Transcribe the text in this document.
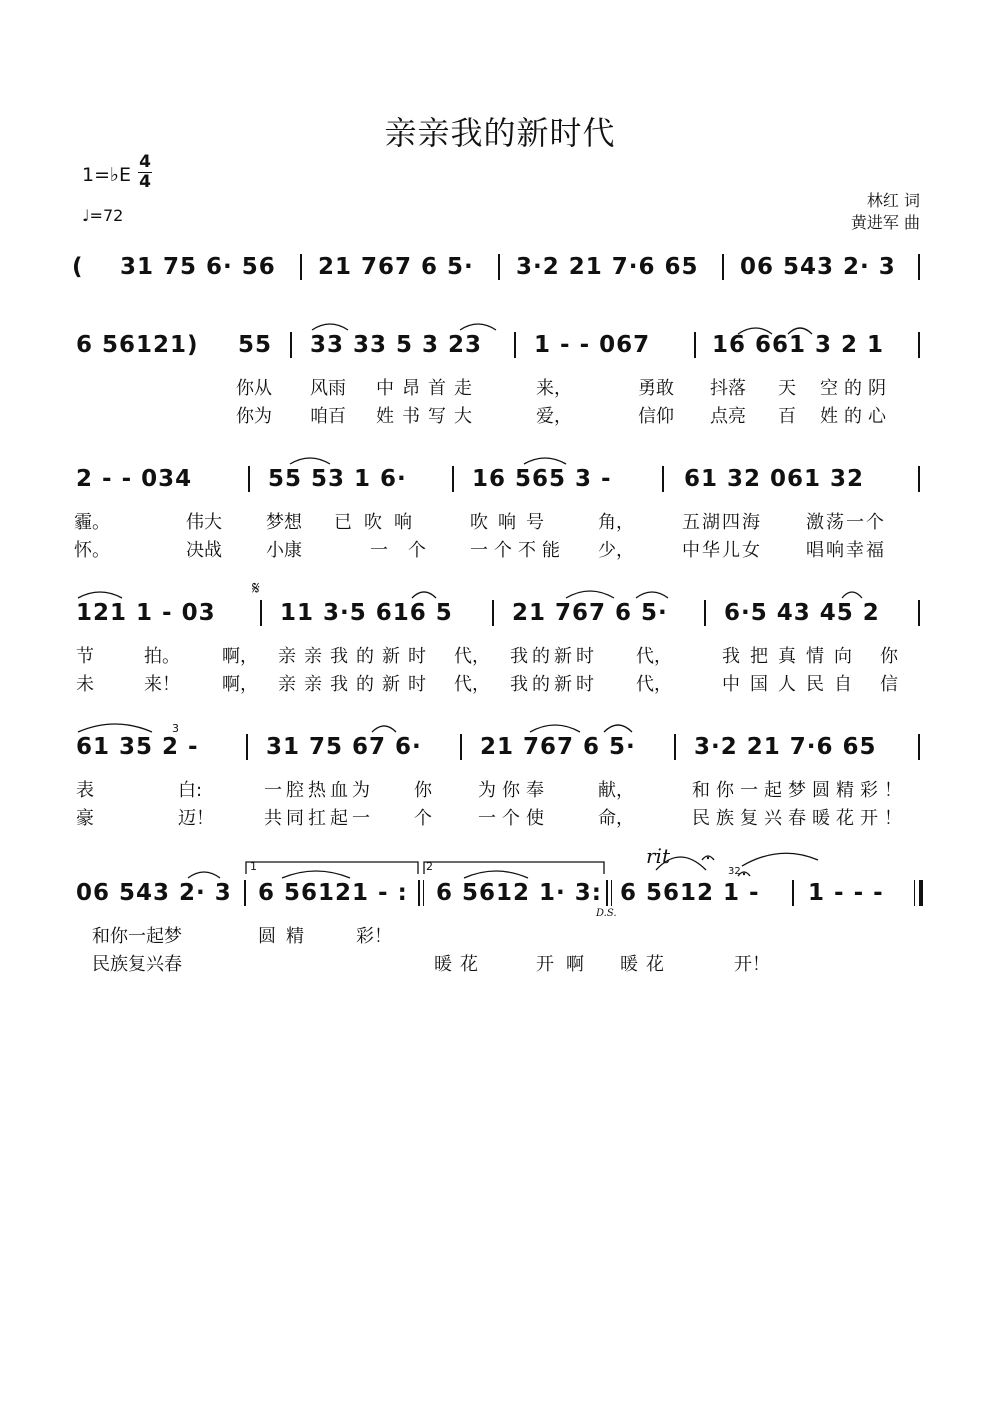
亲亲我的新时代
1=♭E
4
4
♩=72
林红 词
黄进军 曲
( 31 75 6· 56 21 767 6 5· 3·2 21 7·6 65 06 543 2· 3
6 56121) 55 33 33 5 3 23 1 - - 067	16 661 3 2 1
你从 风雨 中昂首走	来，	勇敢 抖落 天 空的阴
你为 咱百 姓书写大	爱，	信仰 点亮 百 姓的心
2 - - 034	55 53 1 6·	16 565 3 -	61 32 061 32
霾。	伟大 梦想 已吹响	吹响号 角，	五湖四海 激荡一个
怀。	决战 小康	一个 一个不能 少，	中华儿女 唱响幸福
𝄋
121 1 - 03	11 3·5 616 5	21 767 6 5· 6·5 43 45 2
节	拍。 啊， 亲亲我的新时 代， 我的新时 代，	我把真情向 你
未	来！ 啊， 亲亲我的新时 代， 我的新时 代，	中国人民自 信
3
61 35 2 -	31 75 67 6·	21 767 6 5·	3·2 21 7·6 65
表	白:	一腔热血为 你	为你奉	献，	和你一起梦圆精彩！
豪	迈！	共同扛起一 个	一个使	命，	民族复兴春暖花开！
1	2	rit
32
06 543 2· 3 6 56121 - : 6 5612 1· 3: 6 5612 1 - 1 - - -
D.S.
和你一起梦	圆精 彩！
民族复兴春	暖花	开啊 暖花	开！
